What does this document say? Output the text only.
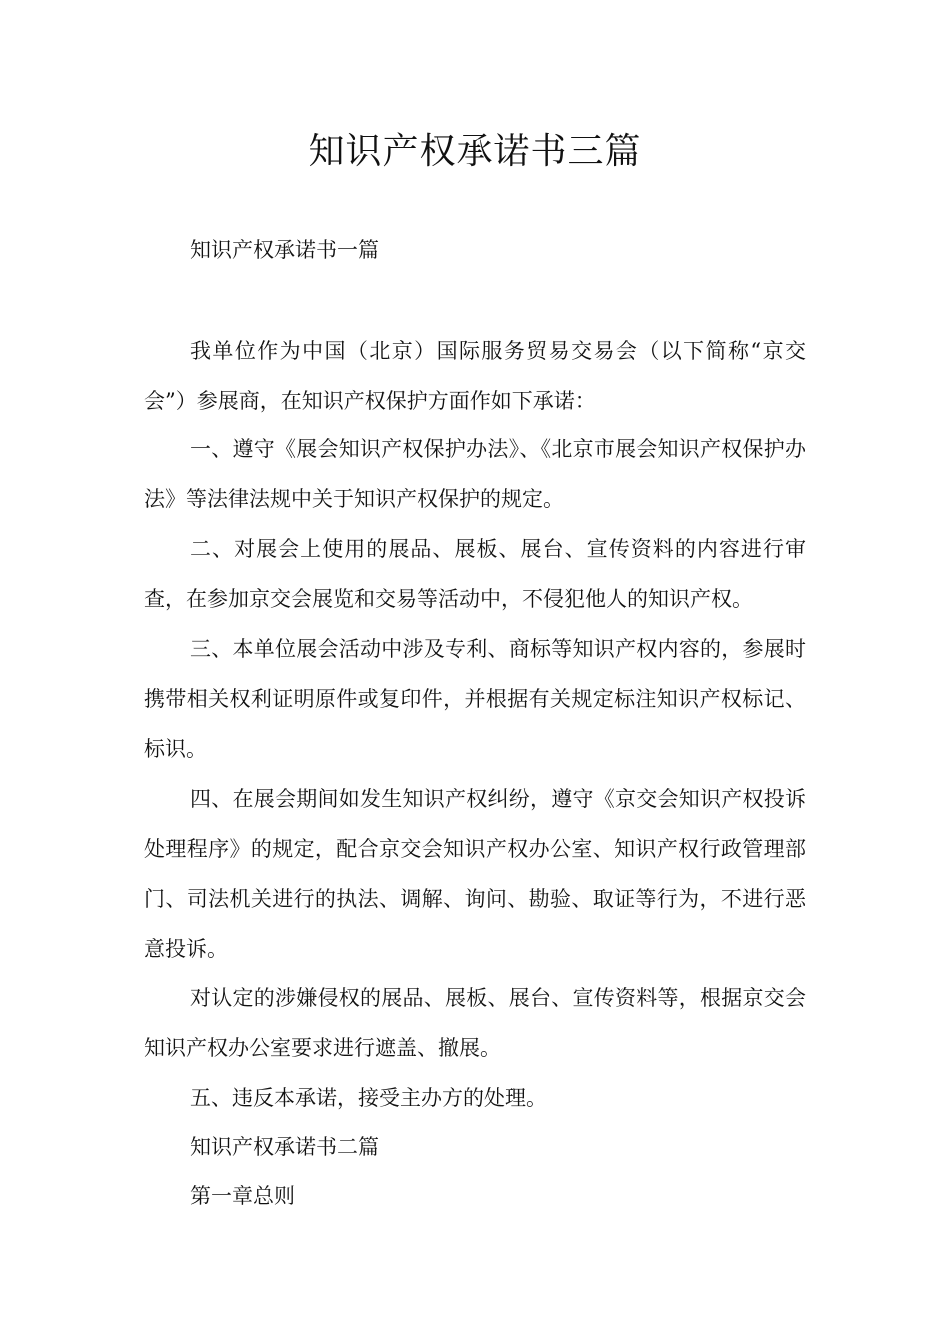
知识产权承诺书三篇

知识产权承诺书一篇

我单位作为中国（北京）国际服务贸易交易会（以下简称“京交会”）参展商，在知识产权保护方面作如下承诺：

一、遵守《展会知识产权保护办法》、《北京市展会知识产权保护办法》等法律法规中关于知识产权保护的规定。

二、对展会上使用的展品、展板、展台、宣传资料的内容进行审查，在参加京交会展览和交易等活动中，不侵犯他人的知识产权。

三、本单位展会活动中涉及专利、商标等知识产权内容的，参展时携带相关权利证明原件或复印件，并根据有关规定标注知识产权标记、标识。

四、在展会期间如发生知识产权纠纷，遵守《京交会知识产权投诉处理程序》的规定，配合京交会知识产权办公室、知识产权行政管理部门、司法机关进行的执法、调解、询问、勘验、取证等行为，不进行恶意投诉。

对认定的涉嫌侵权的展品、展板、展台、宣传资料等，根据京交会知识产权办公室要求进行遮盖、撤展。

五、违反本承诺，接受主办方的处理。

知识产权承诺书二篇

第一章总则
